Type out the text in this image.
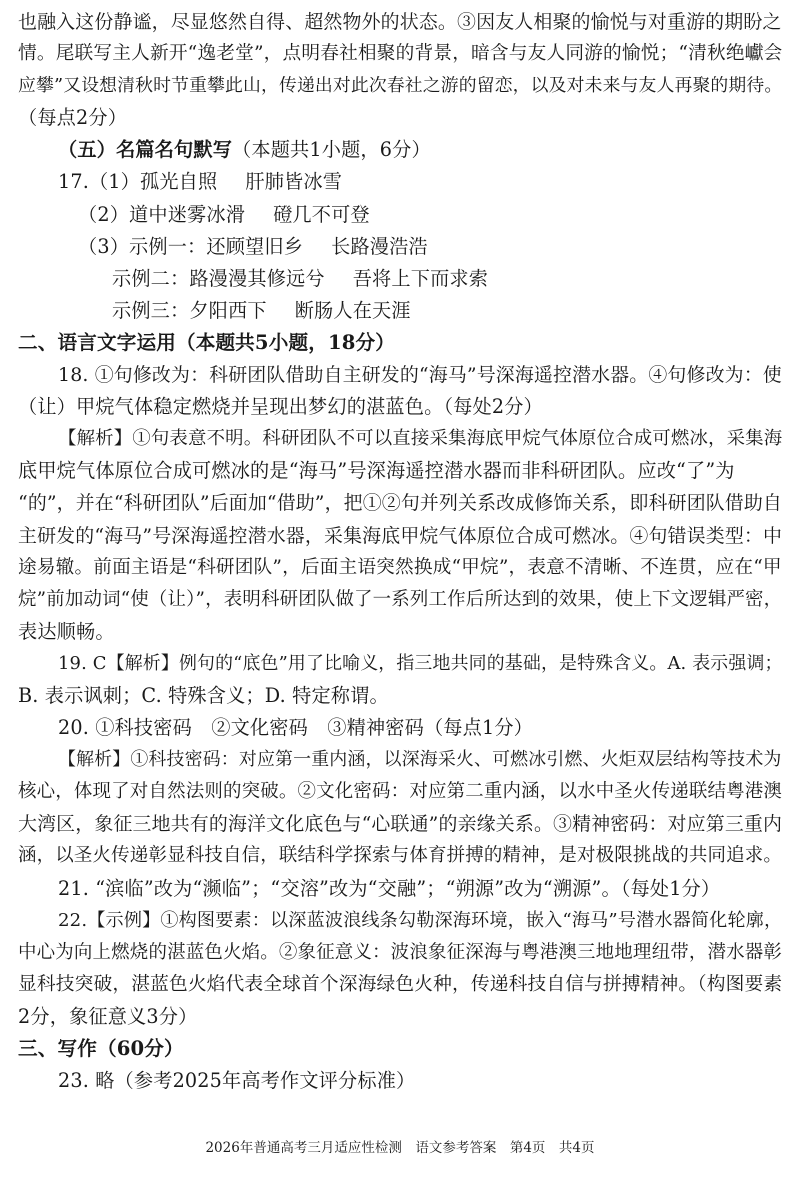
也融入这份静谧，尽显悠然自得、超然物外的状态。③因友人相聚的愉悦与对重游的期盼之

情。尾联写主人新开“逸老堂”，点明春社相聚的背景，暗含与友人同游的愉悦；“清秋绝巘会

应攀”又设想清秋时节重攀此山，传递出对此次春社之游的留恋，以及对未来与友人再聚的期待。

（每点2分）

（五）名篇名句默写（本题共1小题，6分）

17.（1）孤光自照 肝肺皆冰雪

（2）道中迷雾冰滑 磴几不可登

（3）示例一：还顾望旧乡 长路漫浩浩

示例二：路漫漫其修远兮 吾将上下而求索

示例三：夕阳西下 断肠人在天涯

二、语言文字运用（本题共5小题，18分）

18. ①句修改为：科研团队借助自主研发的“海马”号深海遥控潜水器。④句修改为：使

（让）甲烷气体稳定燃烧并呈现出梦幻的湛蓝色。（每处2分）

【解析】①句表意不明。科研团队不可以直接采集海底甲烷气体原位合成可燃冰，采集海

底甲烷气体原位合成可燃冰的是“海马”号深海遥控潜水器而非科研团队。应改“了”为

“的”，并在“科研团队”后面加“借助”，把①②句并列关系改成修饰关系，即科研团队借助自

主研发的“海马”号深海遥控潜水器，采集海底甲烷气体原位合成可燃冰。④句错误类型：中

途易辙。前面主语是“科研团队”，后面主语突然换成“甲烷”，表意不清晰、不连贯，应在“甲

烷”前加动词“使（让）”，表明科研团队做了一系列工作后所达到的效果，使上下文逻辑严密，

表达顺畅。

19. C【解析】例句的“底色”用了比喻义，指三地共同的基础，是特殊含义。A. 表示强调；

B. 表示讽刺；C. 特殊含义；D. 特定称谓。

20. ①科技密码　②文化密码　③精神密码（每点1分）

【解析】①科技密码：对应第一重内涵，以深海采火、可燃冰引燃、火炬双层结构等技术为

核心，体现了对自然法则的突破。②文化密码：对应第二重内涵，以水中圣火传递联结粤港澳

大湾区，象征三地共有的海洋文化底色与“心联通”的亲缘关系。③精神密码：对应第三重内

涵，以圣火传递彰显科技自信，联结科学探索与体育拼搏的精神，是对极限挑战的共同追求。

21. “滨临”改为“濒临”；“交溶”改为“交融”；“朔源”改为“溯源”。（每处1分）

22.【示例】①构图要素：以深蓝波浪线条勾勒深海环境，嵌入“海马”号潜水器简化轮廓，

中心为向上燃烧的湛蓝色火焰。②象征意义：波浪象征深海与粤港澳三地地理纽带，潜水器彰

显科技突破，湛蓝色火焰代表全球首个深海绿色火种，传递科技自信与拼搏精神。（构图要素

2分，象征意义3分）

三、写作（60分）

23. 略（参考2025年高考作文评分标准）

2026年普通高考三月适应性检测　语文参考答案　第4页　共4页
